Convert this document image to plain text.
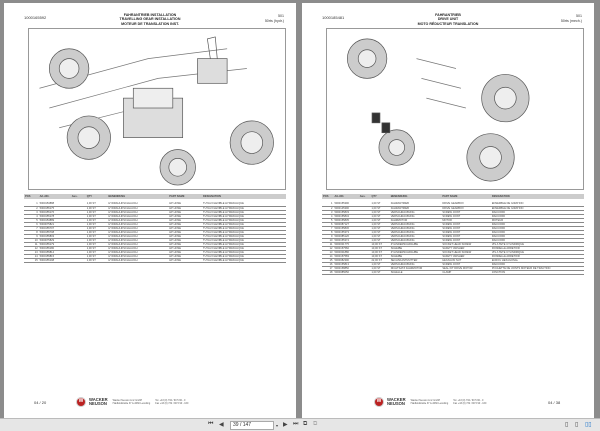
1000165592	FAHRANTRIEB INSTALLATION
TRAVELLING GEAR INSTALLATION
MOTEUR DE TRANSLATION INST.
501
50rts (hydr.)
POS	A/L-NO.	Aus.	QTY	BENENNUNG	PART NAME	DESIGNATION

1	5000153888		1,00 ST	HYDRAULIKSCHLAUCH	HP HOSE	TUYAU FLEXIBLE HYDRAULIQUE
2	5000155175		1,00 ST	HYDRAULIKSCHLAUCH	HP HOSE	TUYAU FLEXIBLE HYDRAULIQUE
3	5000155176		1,00 ST	HYDRAULIKSCHLAUCH	HP HOSE	TUYAU FLEXIBLE HYDRAULIQUE
4	5000155178		1,00 ST	HYDRAULIKSCHLAUCH	HP HOSE	TUYAU FLEXIBLE HYDRAULIQUE
5	5000153889		1,00 ST	HYDRAULIKSCHLAUCH	HP HOSE	TUYAU FLEXIBLE HYDRAULIQUE
6	5000075821		1,00 ST	HYDRAULIKSCHLAUCH	HP HOSE	TUYAU FLEXIBLE HYDRAULIQUE
7	5000155707		1,00 ST	HYDRAULIKSCHLAUCH	HP HOSE	TUYAU FLEXIBLE HYDRAULIQUE
8	5000155708		1,00 ST	HYDRAULIKSCHLAUCH	HP HOSE	TUYAU FLEXIBLE HYDRAULIQUE
9	5000155803		1,00 ST	HYDRAULIKSCHLAUCH	HP HOSE	TUYAU FLEXIBLE HYDRAULIQUE
10	5000075829		1,00 ST	HYDRAULIKSCHLAUCH	HP HOSE	TUYAU FLEXIBLE HYDRAULIQUE
11	5000155179		1,00 ST	HYDRAULIKSCHLAUCH	HP HOSE	TUYAU FLEXIBLE HYDRAULIQUE
12	5000155180		1,00 ST	HYDRAULIKSCHLAUCH	HP HOSE	TUYAU FLEXIBLE HYDRAULIQUE
13	5000155814		1,00 ST	HYDRAULIKSCHLAUCH	HP HOSE	TUYAU FLEXIBLE HYDRAULIQUE
14	5000155815		1,00 ST	HYDRAULIKSCHLAUCH	HP HOSE	TUYAU FLEXIBLE HYDRAULIQUE
15	5000155198		1,00 ST	HYDRAULIKSCHLAUCH	HP HOSE	TUYAU FLEXIBLE HYDRAULIQUE
04 / 20	W	WACKER
NEUSON
Wacker Neuson Linz GmbH
Haidfeldstraße 37 A-4060 Leonding
Tel. +43 (0) 732 / 90 5 90 - 0
Fax +43 (0) 732 / 90 5 90 - 160
1000185481	FAHRANTRIEB
DRIVE UNIT
MOTO RÉDUCTEUR TRANSLATION
501
50rts (mech.)
POS	A/L-NO.	Aus.	QTY	BENENNUNG	PART NAME	DESIGNATION

1	5000155390		1,00 ST	FAHRANTRIEB	DRIVE GEARBOX	ENSEMBLE DE GIRATION
2	5000145390		1,00 ST	FAHRANTRIEB	DRIVE GEARBOX	ENSEMBLE DE GIRATION
3	5000155833		1,00 ST	VERSCHRAUBUNG	SCREW JOINT	RACCORD
4	5000155834		1,00 ST	VERSCHRAUBUNG	SCREW JOINT	RACCORD
5	5000155835		1,00 ST	FAHRMOTOR	MOTOR	MOTEUR
6	5000087127		1,00 ST	VERSCHRAUBUNG	SCREW JOINT	RACCORD
7	5000155836		1,00 ST	VERSCHRAUBUNG	SCREW JOINT	RACCORD
8	5000155373		1,00 ST	VERSCHRAUBUNG	SCREW JOINT	RACCORD
9	5000085126		1,00 ST	VERSCHRAUBUNG	SCREW JOINT	RACCORD
10	5000155374		1,00 ST	VERSCHRAUBUNG	SCREW JOINT	RACCORD
11	5000001775		10,00 ST	ZYLINDERSCHRAUBE	SOCKET HEAD SCREW	VIS A TETE CYLINDRIQUE
12	5000157582		10,00 ST	SCHEIBE	SAFETY WASHER	RONDELLE ARRETOIR
13	5000001880		10,00 ST	ZYLINDERSCHRAUBE	SOCKET HEAD SCREW	VIS A TETE CYLINDRIQUE
14	5000157583		10,00 ST	SCHEIBE	SAFETY WASHER	RONDELLE ARRETOIR
15	5000082390		22,00 ST	SECHSKANTMUTTER	HEXAGON NUT	ECROU HEXAGONAL
16	5000155813		1,00 ST	VERSCHRAUBUNG	SCREW JOINT	RACCORD
17	5000158850		1,00 ST	DICHTSATZ FAHRMOTOR	SEAL KIT DRIVE MOTOR	POCHETTE DE JOINTS MOTEUR DE TRACTION
18	5000085050		1,00 ST	SCHELLE	CLAMP	JONCTION
W	WACKER
NEUSON
Wacker Neuson Linz GmbH
Haidfeldstraße 37 A-4060 Leonding
Tel. +43 (0) 732 / 90 5 90 - 0
Fax +43 (0) 732 / 90 5 90 - 160	04 / 38
⏮ ◀	39 / 147	▾ ▶ ⏭ ⧉ ⧉	▯ ▯ ▯▯
